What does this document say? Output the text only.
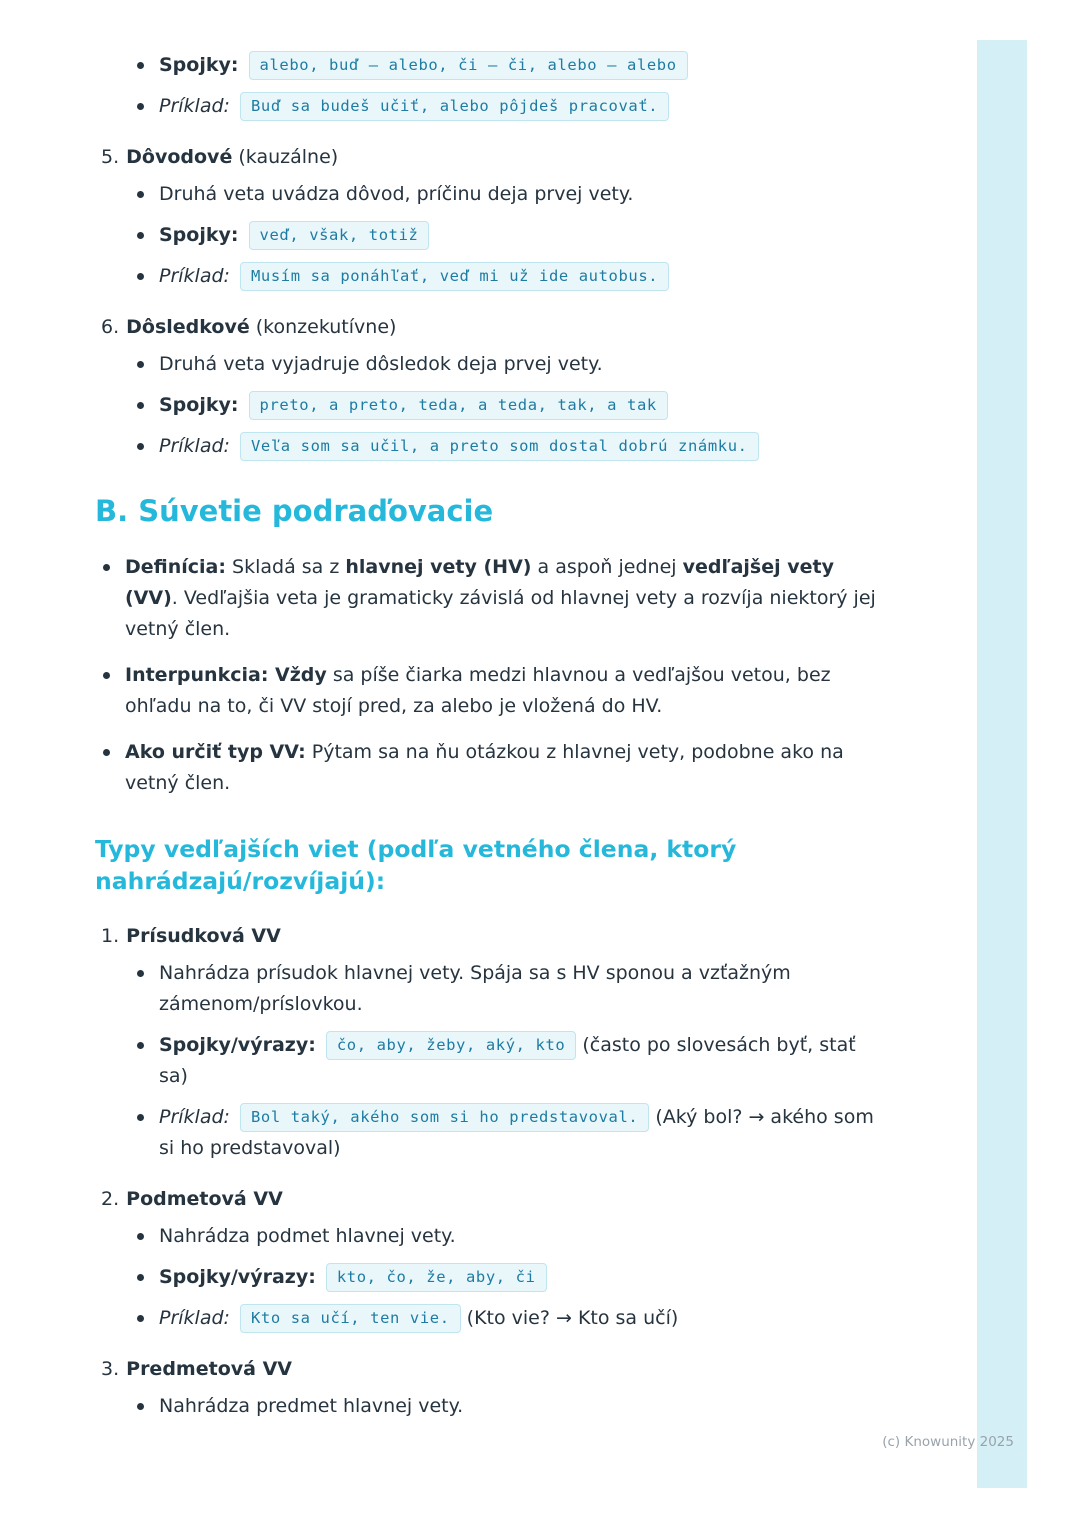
Spojky: alebo, buď – alebo, či – či, alebo – alebo
Príklad: Buď sa budeš učiť, alebo pôjdeš pracovať.
5. Dôvodové (kauzálne)
Druhá veta uvádza dôvod, príčinu deja prvej vety.
Spojky: veď, však, totiž
Príklad: Musím sa ponáhľať, veď mi už ide autobus.
6. Dôsledkové (konzekutívne)
Druhá veta vyjadruje dôsledok deja prvej vety.
Spojky: preto, a preto, teda, a teda, tak, a tak
Príklad: Veľa som sa učil, a preto som dostal dobrú známku.
B. Súvetie podraďovacie
Definícia: Skladá sa z hlavnej vety (HV) a aspoň jednej vedľajšej vety (VV). Vedľajšia veta je gramaticky závislá od hlavnej vety a rozvíja niektorý jej vetný člen.
Interpunkcia: Vždy sa píše čiarka medzi hlavnou a vedľajšou vetou, bez ohľadu na to, či VV stojí pred, za alebo je vložená do HV.
Ako určiť typ VV: Pýtam sa na ňu otázkou z hlavnej vety, podobne ako na vetný člen.
Typy vedľajších viet (podľa vetného člena, ktorý nahrádzajú/rozvíjajú):
1. Prísudková VV
Nahrádza prísudok hlavnej vety. Spája sa s HV sponou a vzťažným zámenom/príslovkou.
Spojky/výrazy: čo, aby, žeby, aký, kto (často po slovesách byť, stať sa)
Príklad: Bol taký, akého som si ho predstavoval. (Aký bol? → akého som si ho predstavoval)
2. Podmetová VV
Nahrádza podmet hlavnej vety.
Spojky/výrazy: kto, čo, že, aby, či
Príklad: Kto sa učí, ten vie. (Kto vie? → Kto sa učí)
3. Predmetová VV
Nahrádza predmet hlavnej vety.
(c) Knowunity 2025
